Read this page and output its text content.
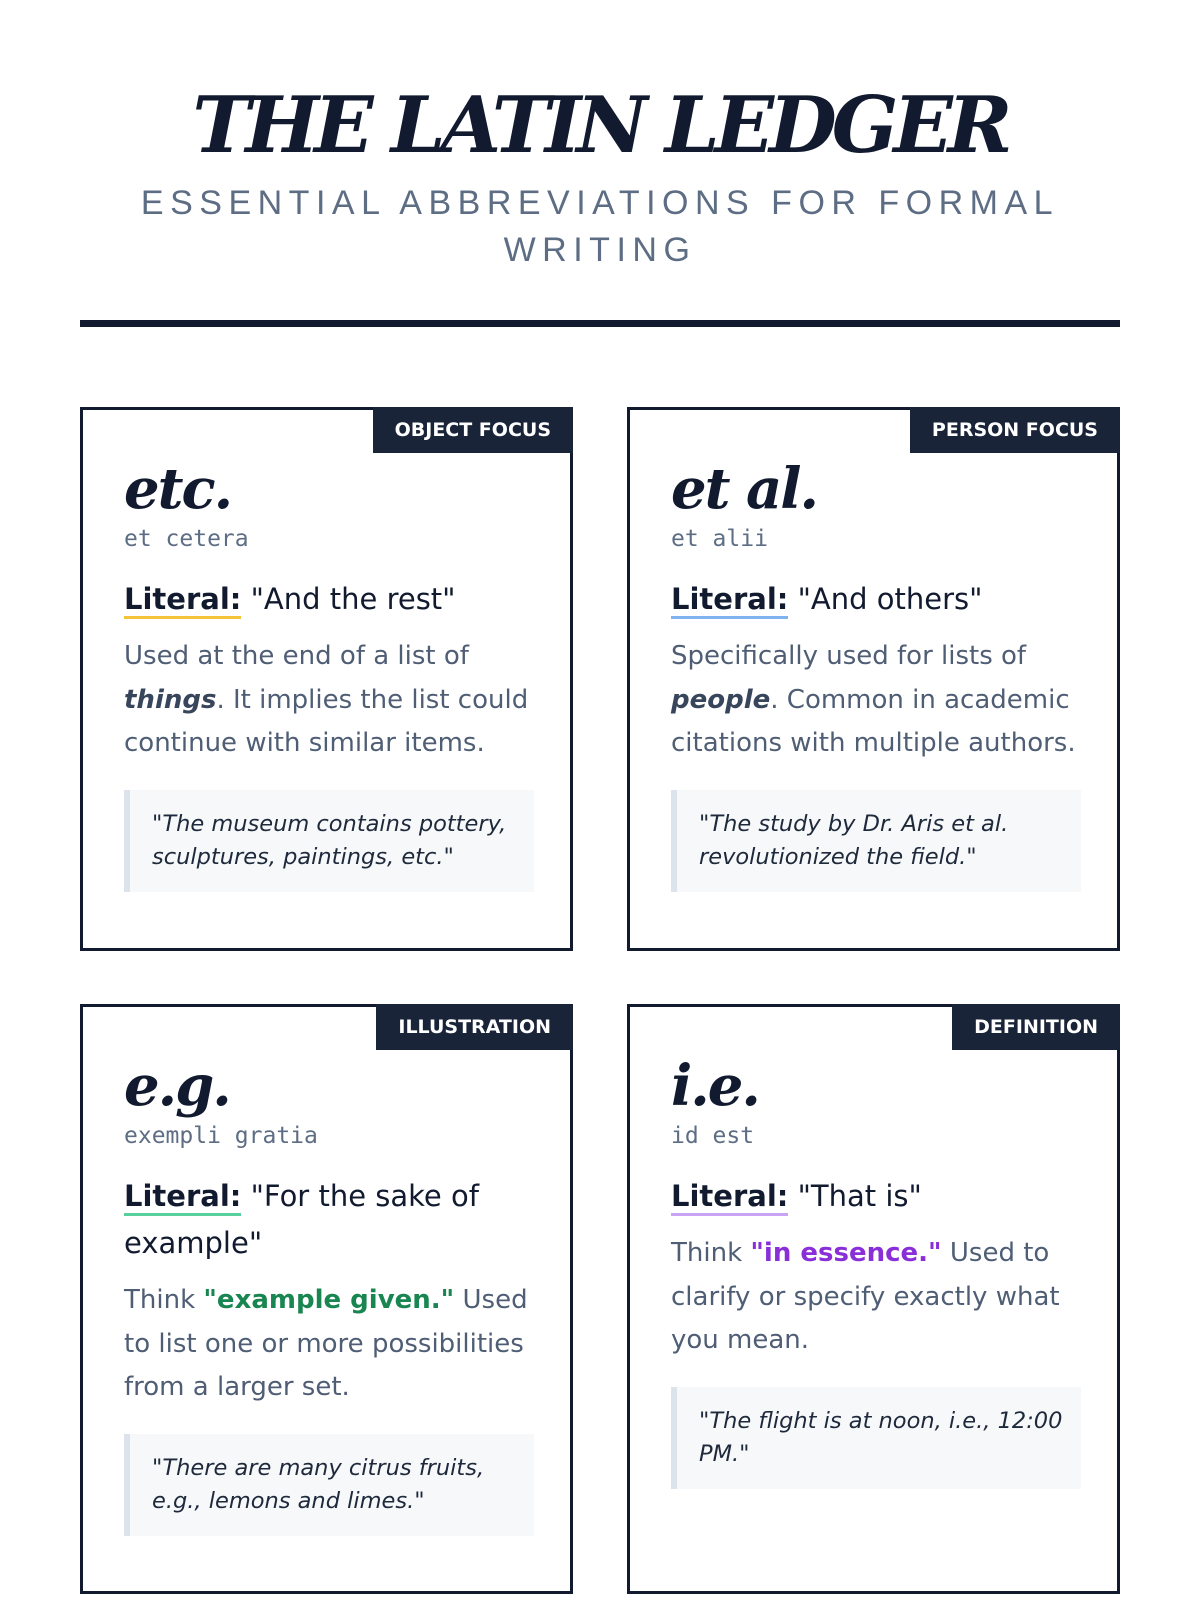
THE LATIN LEDGER
ESSENTIAL ABBREVIATIONS FOR FORMAL WRITING
OBJECT FOCUS
etc.
et cetera
Literal: "And the rest"

Used at the end of a list of things. It implies the list could continue with similar items.

"The museum contains pottery, sculptures, paintings, etc."
PERSON FOCUS
et al.
et alii
Literal: "And others"

Specifically used for lists of people. Common in academic citations with multiple authors.

"The study by Dr. Aris et al. revolutionized the field."
ILLUSTRATION
e.g.
exempli gratia
Literal: "For the sake of example"

Think "example given." Used to list one or more possibilities from a larger set.

"There are many citrus fruits, e.g., lemons and limes."
DEFINITION
i.e.
id est
Literal: "That is"

Think "in essence." Used to clarify or specify exactly what you mean.

"The flight is at noon, i.e., 12:00 PM."
